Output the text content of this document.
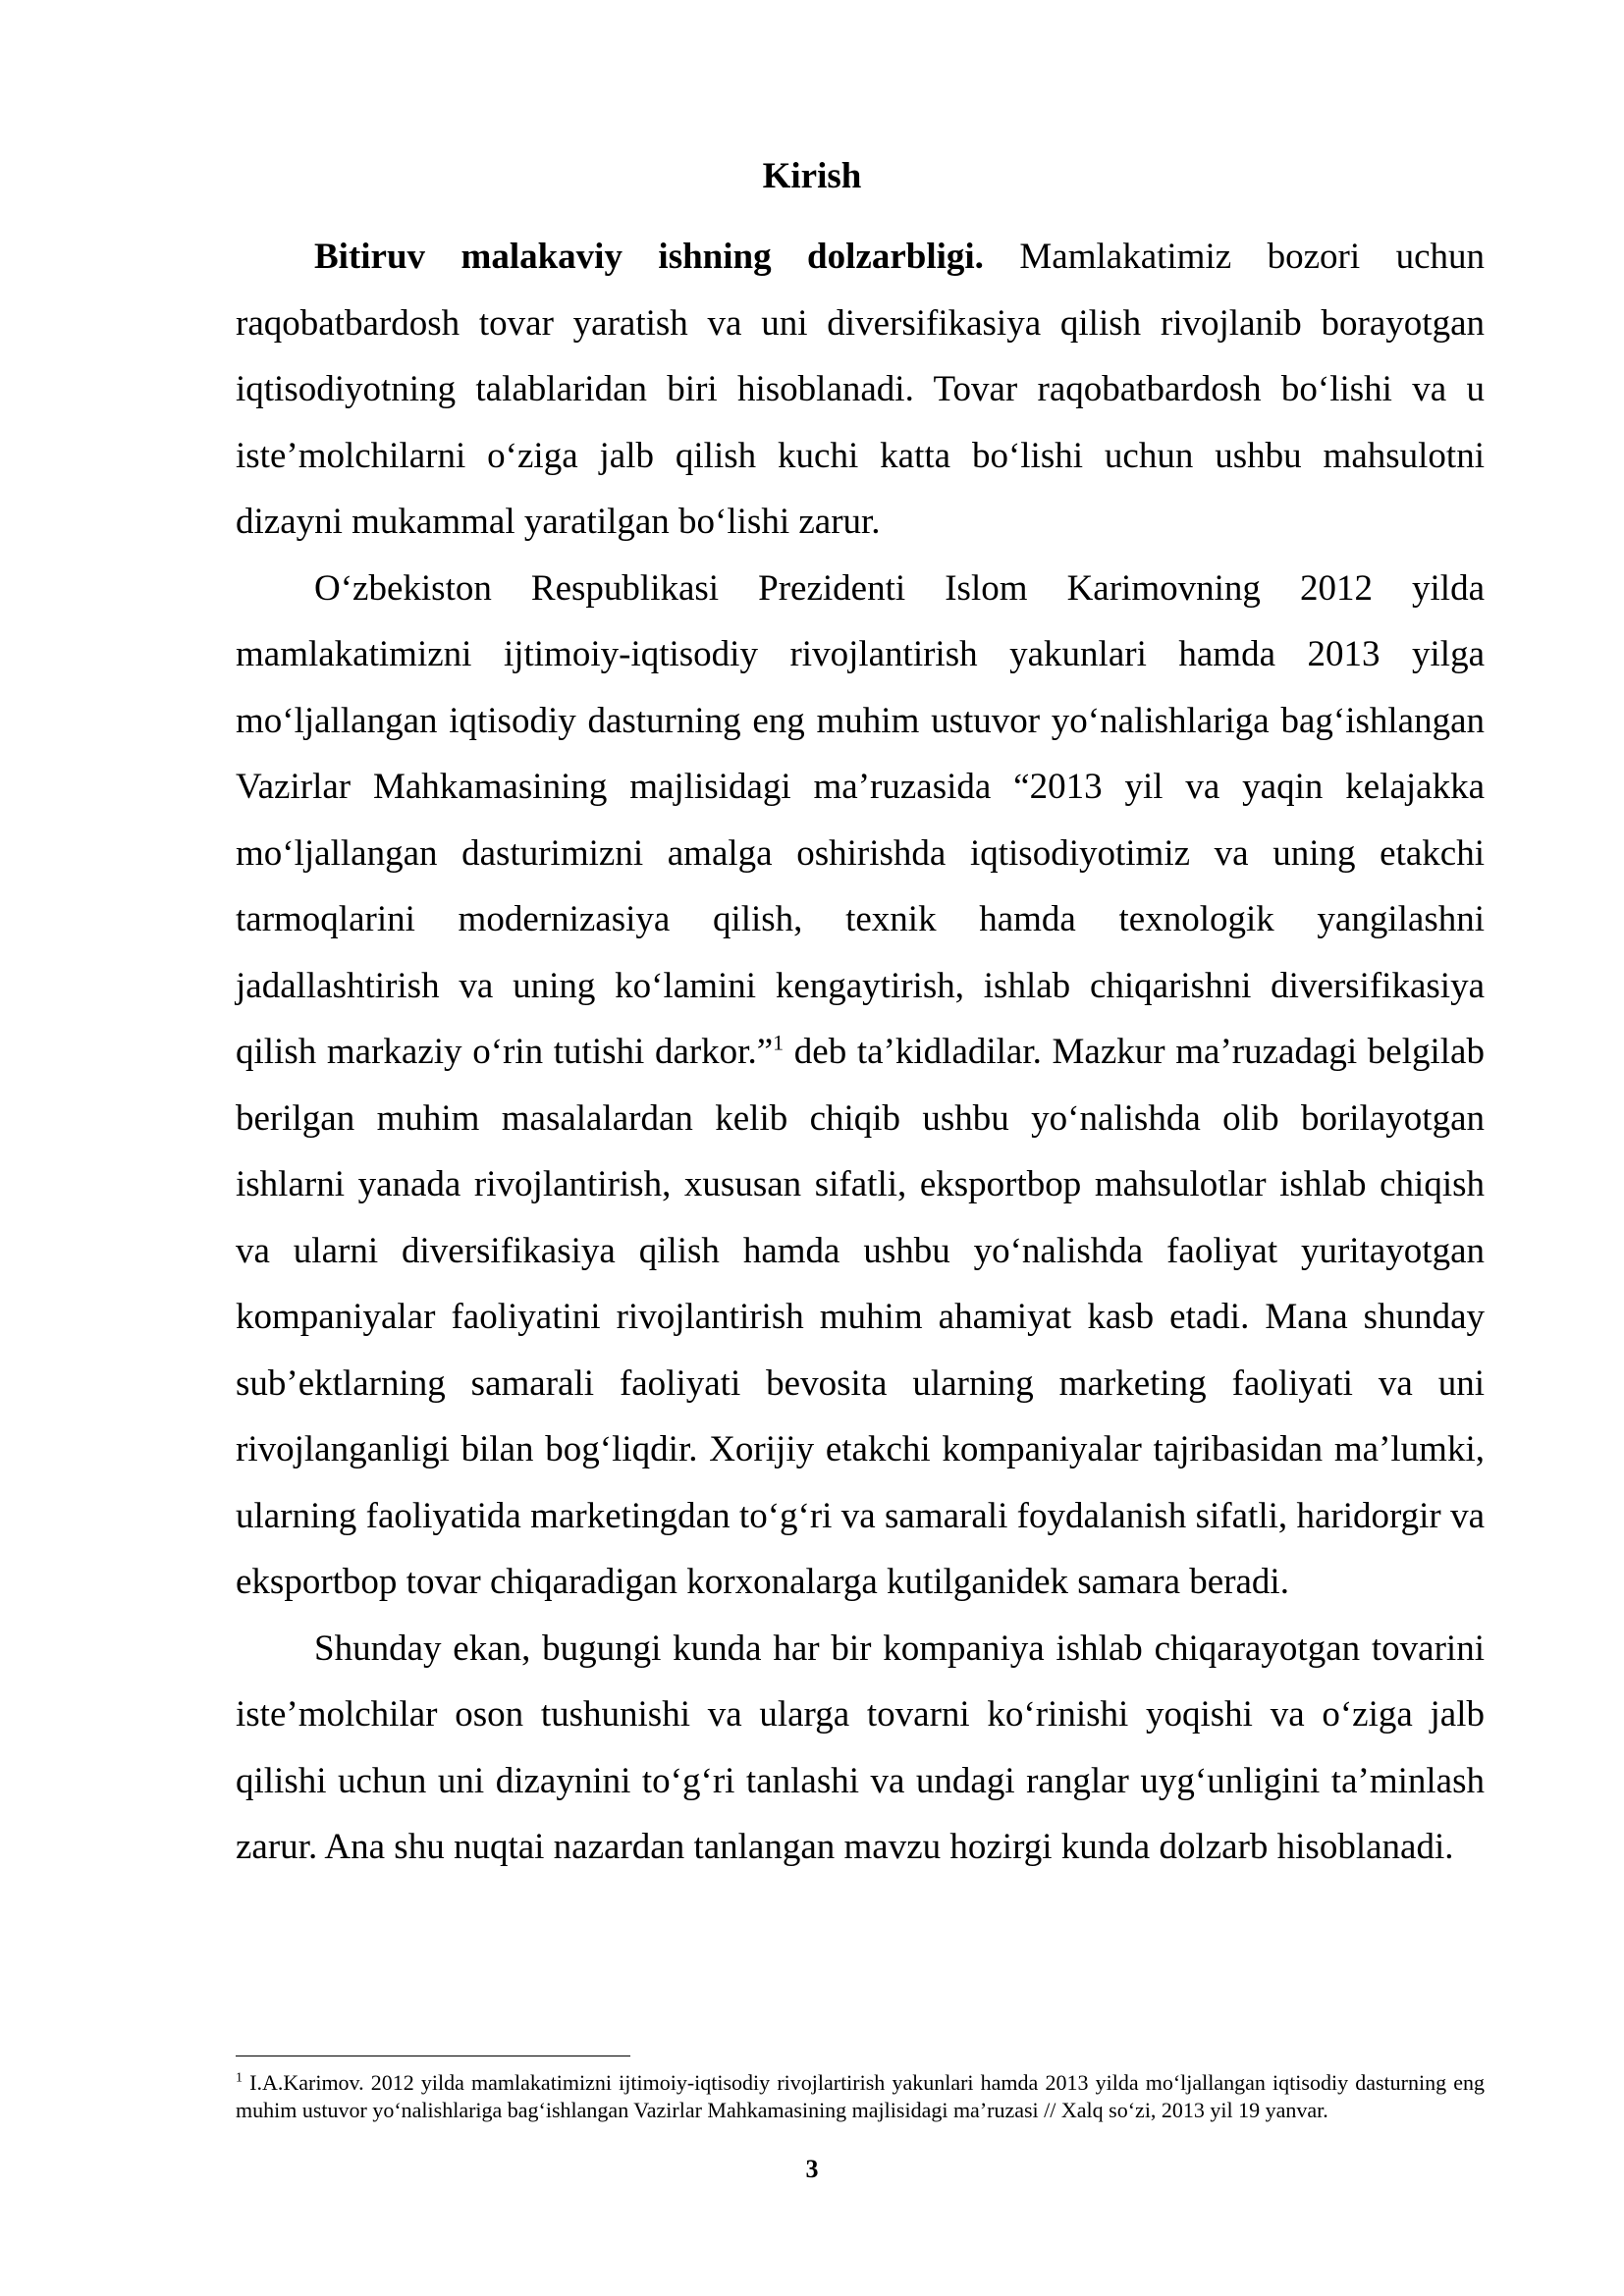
Kirish

Bitiruv malakaviy ishning dolzarbligi. Mamlakatimiz bozori uchun raqobatbardosh tovar yaratish va uni diversifikasiya qilish rivojlanib borayotgan iqtisodiyotning talablaridan biri hisoblanadi. Tovar raqobatbardosh bo‘lishi va u iste’molchilarni o‘ziga jalb qilish kuchi katta bo‘lishi uchun ushbu mahsulotni dizayni mukammal yaratilgan bo‘lishi zarur.

O‘zbekiston Respublikasi Prezidenti Islom Karimovning 2012 yilda mamlakatimizni ijtimoiy-iqtisodiy rivojlantirish yakunlari hamda 2013 yilga mo‘ljallangan iqtisodiy dasturning eng muhim ustuvor yo‘nalishlariga bag‘ishlangan Vazirlar Mahkamasining majlisidagi ma’ruzasida “2013 yil va yaqin kelajakka mo‘ljallangan dasturimizni amalga oshirishda iqtisodiyotimiz va uning etakchi tarmoqlarini modernizasiya qilish, texnik hamda texnologik yangilashni jadallashtirish va uning ko‘lamini kengaytirish, ishlab chiqarishni diversifikasiya qilish markaziy o‘rin tutishi darkor.”$^1$ deb ta’kidladilar. Mazkur ma’ruzadagi belgilab berilgan muhim masalalardan kelib chiqib ushbu yo‘nalishda olib borilayotgan ishlarni yanada rivojlantirish, xususan sifatli, eksportbop mahsulotlar ishlab chiqish va ularni diversifikasiya qilish hamda ushbu yo‘nalishda faoliyat yuritayotgan kompaniyalar faoliyatini rivojlantirish muhim ahamiyat kasb etadi. Mana shunday sub’ektlarning samarali faoliyati bevosita ularning marketing faoliyati va uni rivojlanganligi bilan bog‘liqdir. Xorijiy etakchi kompaniyalar tajribasidan ma’lumki, ularning faoliyatida marketingdan to‘g‘ri va samarali foydalanish sifatli, haridorgir va eksportbop tovar chiqaradigan korxonalarga kutilganidek samara beradi.

Shunday ekan, bugungi kunda har bir kompaniya ishlab chiqarayotgan tovarini iste’molchilar oson tushunishi va ularga tovarni ko‘rinishi yoqishi va o‘ziga jalb qilishi uchun uni dizaynini to‘g‘ri tanlashi va undagi ranglar uyg‘unligini ta’minlash zarur. Ana shu nuqtai nazardan tanlangan mavzu hozirgi kunda dolzarb hisoblanadi.

$^1$ I.A.Karimov. 2012 yilda mamlakatimizni ijtimoiy-iqtisodiy rivojlartirish yakunlari hamda 2013 yilda mo‘ljallangan iqtisodiy dasturning eng muhim ustuvor yo‘nalishlariga bag‘ishlangan Vazirlar Mahkamasining majlisidagi ma’ruzasi // Xalq so‘zi, 2013 yil 19 yanvar.

3
